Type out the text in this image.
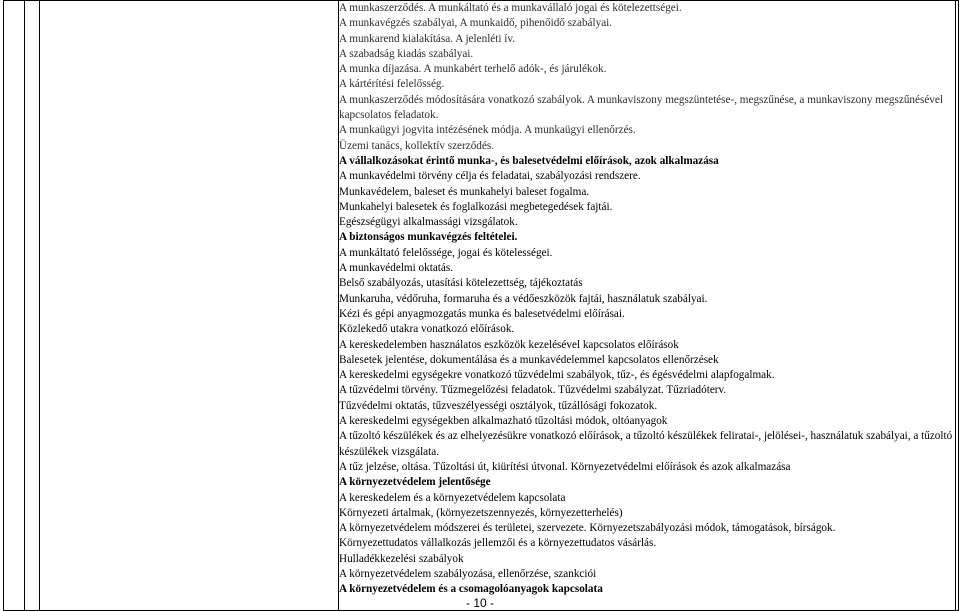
A munkaszerződés. A munkáltató és a munkavállaló jogai és kötelezettségei.
A munkavégzés szabályai, A munkaidő, pihenőidő szabályai.
A munkarend kialakítása. A jelenléti ív.
A szabadság kiadás szabályai.
A munka díjazása. A munkabért terhelő adók-, és járulékok.
A kártérítési felelősség.
A munkaszerződés módosítására vonatkozó szabályok. A munkaviszony megszüntetése-, megszűnése, a munkaviszony megszűnésével kapcsolatos feladatok.
A munkaügyi jogvita intézésének módja. A munkaügyi ellenőrzés.
Üzemi tanács, kollektív szerződés.
A vállalkozásokat érintő munka-, és balesetvédelmi előírások, azok alkalmazása
A munkavédelmi törvény célja és feladatai, szabályozási rendszere.
Munkavédelem, baleset és munkahelyi baleset fogalma.
Munkahelyi balesetek és foglalkozási megbetegedések fajtái.
Egészségügyi alkalmassági vizsgálatok.
A biztonságos munkavégzés feltételei.
A munkáltató felelőssége, jogai és kötelességei.
A munkavédelmi oktatás.
Belső szabályozás, utasítási kötelezettség, tájékoztatás
Munkaruha, védőruha, formaruha és a védőeszközök fajtái, használatuk szabályai.
Kézi és gépi anyagmozgatás munka és balesetvédelmi előírásai.
Közlekedő utakra vonatkozó előírások.
A kereskedelemben használatos eszközök kezelésével kapcsolatos előírások
Balesetek jelentése, dokumentálása és a munkavédelemmel kapcsolatos ellenőrzések
A kereskedelmi egységekre vonatkozó tűzvédelmi szabályok, tűz-, és égésvédelmi alapfogalmak.
A tűzvédelmi törvény. Tűzmegelőzési feladatok. Tűzvédelmi szabályzat. Tűzriadóterv.
Tűzvédelmi oktatás, tűzveszélyességi osztályok, tűzállósági fokozatok.
A kereskedelmi egységekben alkalmazható tűzoltási módok, oltóanyagok
A tűzoltó készülékek és az elhelyezésükre vonatkozó előírások, a tűzoltó készülékek feliratai-, jelölései-, használatuk szabályai, a tűzoltó készülékek vizsgálata.
A tűz jelzése, oltása. Tűzoltási út, kiürítési útvonal. Környezetvédelmi előírások és azok alkalmazása
A környezetvédelem jelentősége
A kereskedelem és a környezetvédelem kapcsolata
Környezeti ártalmak, (környezetszennyezés, környezetterhelés)
A környezetvédelem módszerei és területei, szervezete. Környezetszabályozási módok, támogatások, bírságok.
Környezettudatos vállalkozás jellemzői és a környezettudatos vásárlás.
Hulladékkezelési szabályok
A környezetvédelem szabályozása, ellenőrzése, szankciói
A környezetvédelem és a csomagolóanyagok kapcsolata

- 10 -
